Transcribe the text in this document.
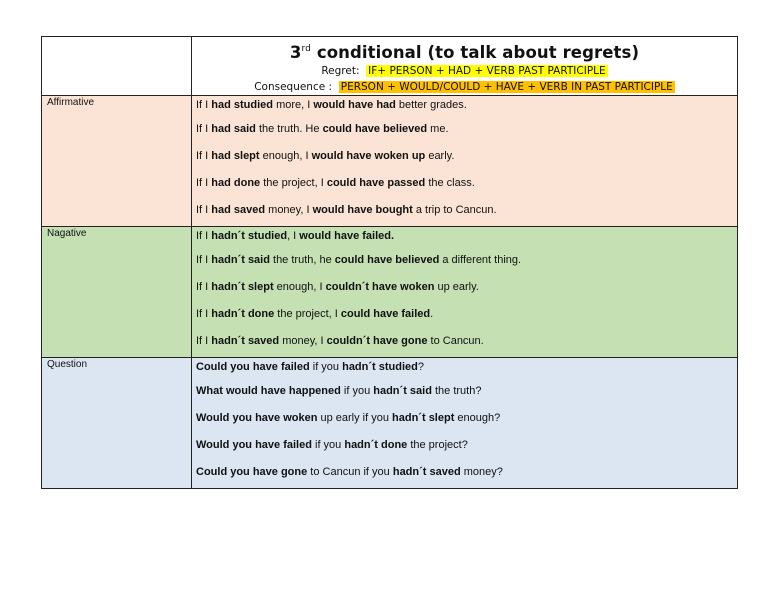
	3rd conditional (to talk about regrets)
Regret:  IF+ PERSON + HAD + VERB PAST PARTICIPLE
Consequence :  PERSON + WOULD/COULD + HAVE + VERB IN PAST PARTICIPLE

Affirmative	If I had studied more, I would have had better grades.
If I had said the truth. He could have believed me.
If I had slept enough, I would have woken up early.
If I had done the project, I could have passed the class.
If I had saved money, I would have bought a trip to Cancun.

Nagative	If I hadn´t studied, I would have failed.
If I hadn´t said the truth, he could have believed a different thing.
If I hadn´t slept enough, I couldn´t have woken up early.
If I hadn´t done the project, I could have failed.
If I hadn´t saved money, I couldn´t have gone to Cancun.

Question	Could you have failed if you hadn´t studied?
What would have happened if you hadn´t said the truth?
Would you have woken up early if you hadn´t slept enough?
Would you have failed if you hadn´t done the project?
Could you have gone to Cancun if you hadn´t saved money?
